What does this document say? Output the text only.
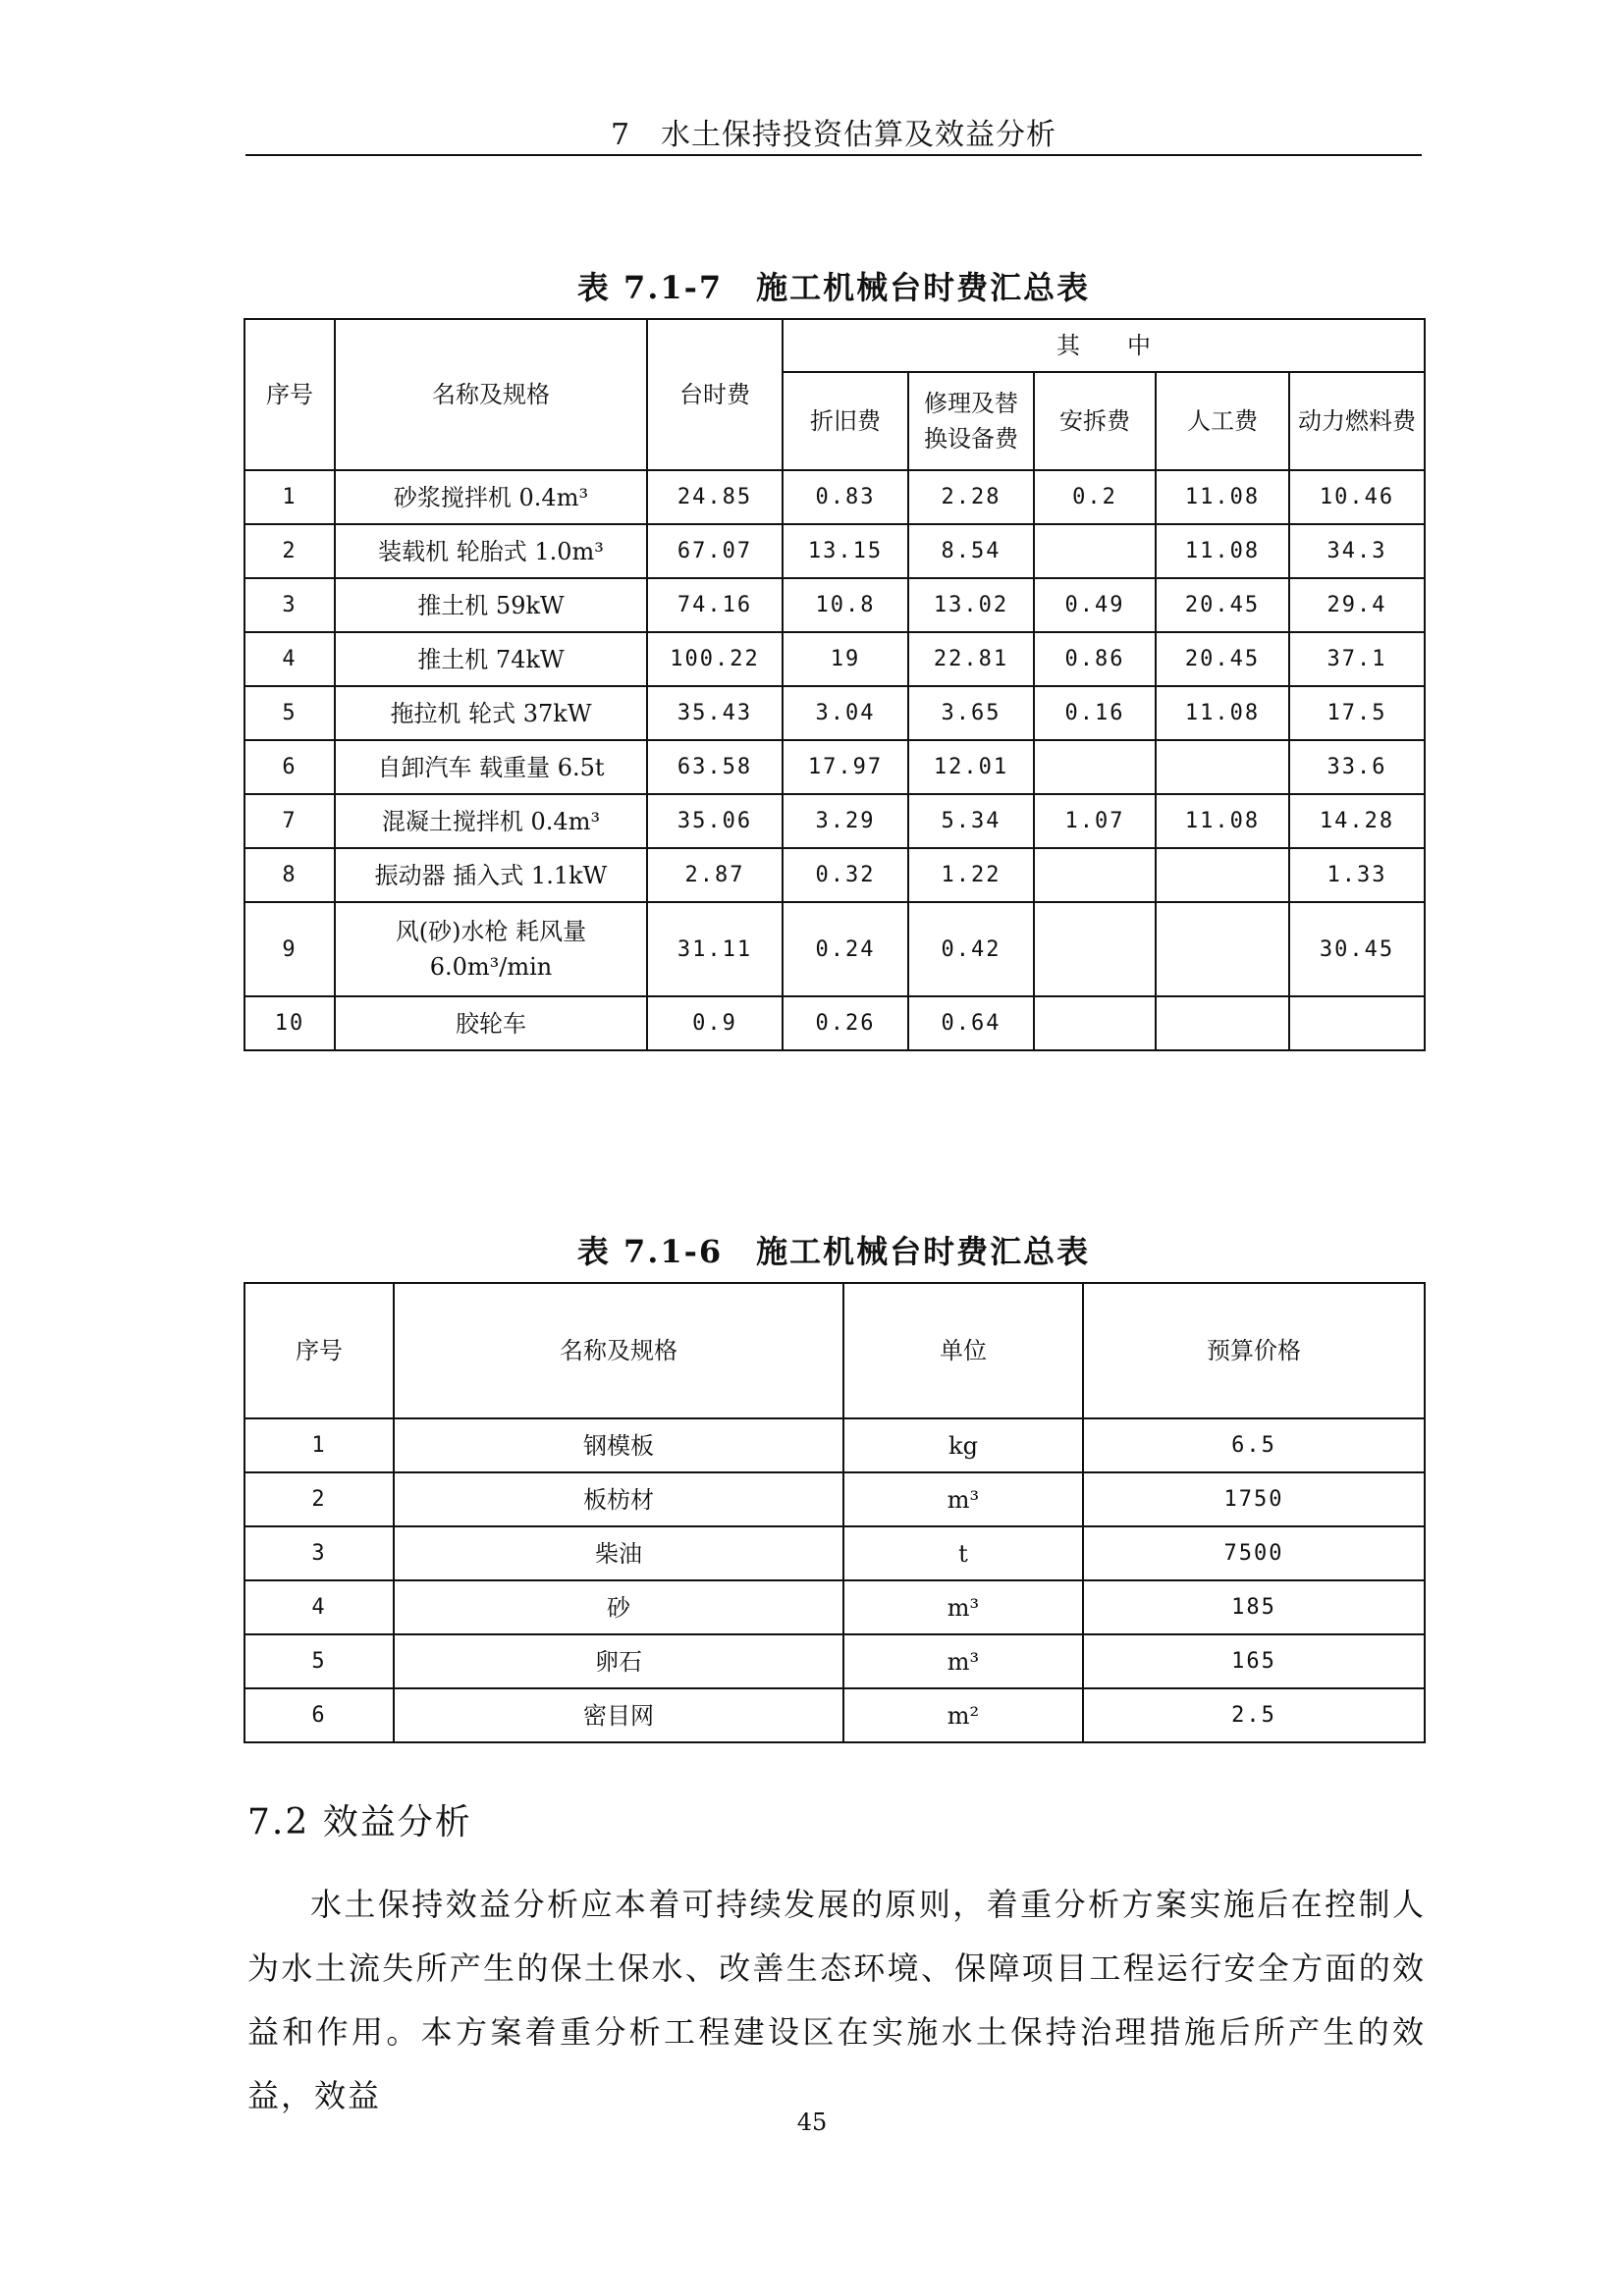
7　水土保持投资估算及效益分析
表 7.1-7　施工机械台时费汇总表
序号	名称及规格	台时费	其　　中				
			折旧费	修理及替换设备费	安拆费	人工费	动力燃料费
1	砂浆搅拌机 0.4m³	24.85	0.83	2.28	0.2	11.08	10.46
2	装载机 轮胎式 1.0m³	67.07	13.15	8.54		11.08	34.3
3	推土机 59kW	74.16	10.8	13.02	0.49	20.45	29.4
4	推土机 74kW	100.22	19	22.81	0.86	20.45	37.1
5	拖拉机 轮式 37kW	35.43	3.04	3.65	0.16	11.08	17.5
6	自卸汽车 载重量 6.5t	63.58	17.97	12.01			33.6
7	混凝土搅拌机 0.4m³	35.06	3.29	5.34	1.07	11.08	14.28
8	振动器 插入式 1.1kW	2.87	0.32	1.22			1.33
9	风(砂)水枪 耗风量 6.0m³/min	31.11	0.24	0.42			30.45
10	胶轮车	0.9	0.26	0.64			
表 7.1-6　施工机械台时费汇总表
序号	名称及规格	单位	预算价格
1	钢模板	kg	6.5
2	板枋材	m³	1750
3	柴油	t	7500
4	砂	m³	185
5	卵石	m³	165
6	密目网	m²	2.5
7.2 效益分析

水土保持效益分析应本着可持续发展的原则，着重分析方案实施后在控制人为水土流失所产生的保土保水、改善生态环境、保障项目工程运行安全方面的效益和作用。本方案着重分析工程建设区在实施水土保持治理措施后所产生的效益，效益

45
